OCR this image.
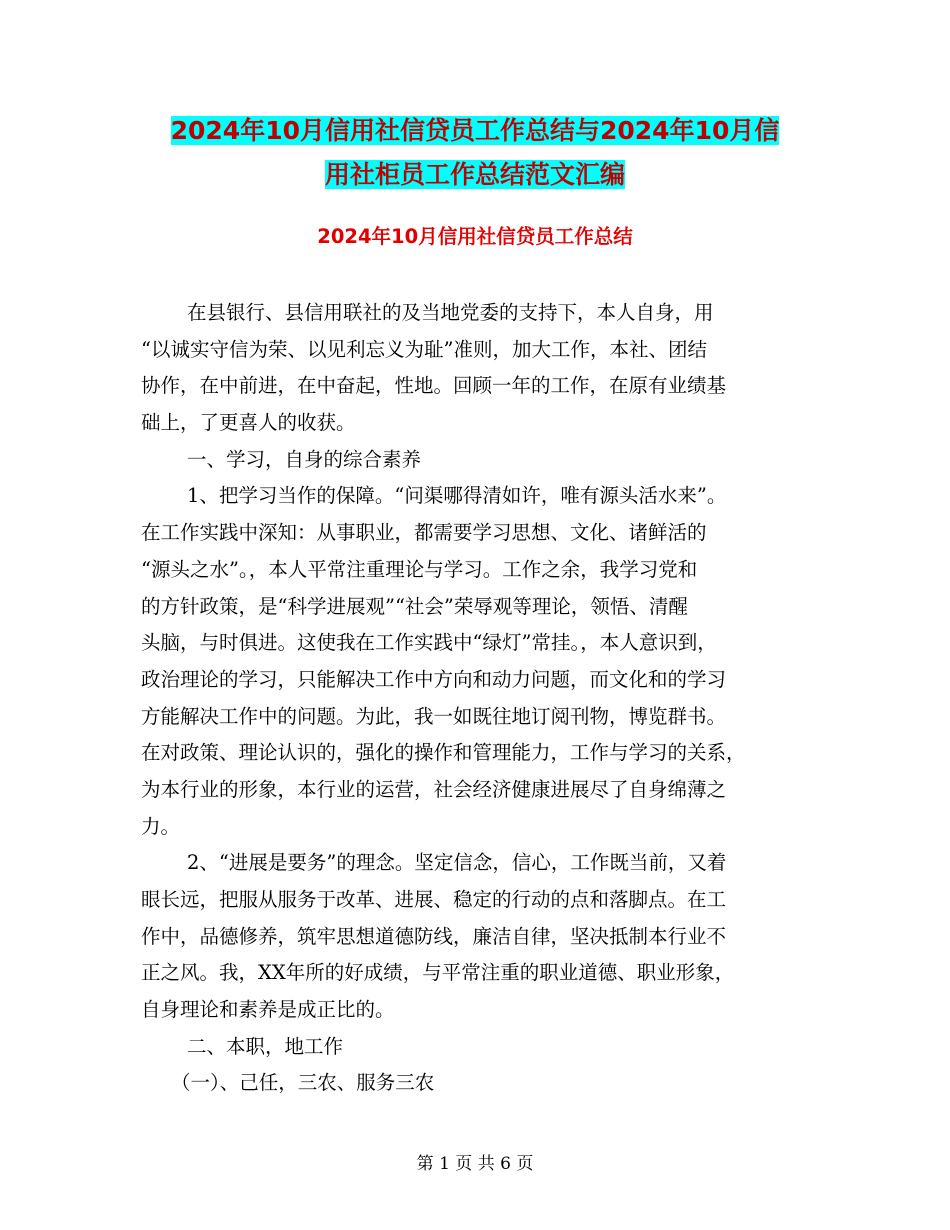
2024年10月信用社信贷员工作总结与2024年10月信
用社柜员工作总结范文汇编
2024年10月信用社信贷员工作总结
在县银行、县信用联社的及当地党委的支持下，本人自身，用
“以诚实守信为荣、以见利忘义为耻”准则，加大工作，本社、团结
协作，在中前进，在中奋起，性地。回顾一年的工作，在原有业绩基
础上，了更喜人的收获。
一、学习，自身的综合素养
1、把学习当作的保障。“问渠哪得清如许，唯有源头活水来”。
在工作实践中深知：从事职业，都需要学习思想、文化、诸鲜活的
“源头之水”。，本人平常注重理论与学习。工作之余，我学习党和
的方针政策，是“科学进展观”“社会”荣辱观等理论，领悟、清醒
头脑，与时俱进。这使我在工作实践中“绿灯”常挂。，本人意识到，
政治理论的学习，只能解决工作中方向和动力问题，而文化和的学习
方能解决工作中的问题。为此，我一如既往地订阅刊物，博览群书。
在对政策、理论认识的，强化的操作和管理能力，工作与学习的关系，
为本行业的形象，本行业的运营，社会经济健康进展尽了自身绵薄之
力。
2、“进展是要务”的理念。坚定信念，信心，工作既当前，又着
眼长远，把服从服务于改革、进展、稳定的行动的点和落脚点。在工
作中，品德修养，筑牢思想道德防线，廉洁自律，坚决抵制本行业不
正之风。我，XX年所的好成绩，与平常注重的职业道德、职业形象，
自身理论和素养是成正比的。
二、本职，地工作
（一）、己任，三农、服务三农
第 1 页 共 6 页
